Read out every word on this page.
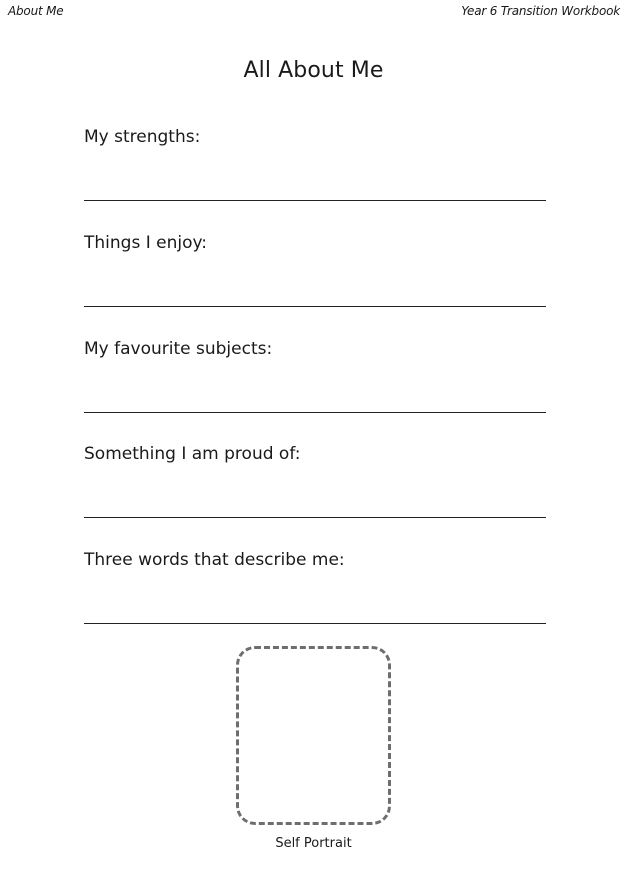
About Me	Year 6 Transition Workbook
All About Me
My strengths:
Things I enjoy:
My favourite subjects:
Something I am proud of:
Three words that describe me:
Self Portrait
